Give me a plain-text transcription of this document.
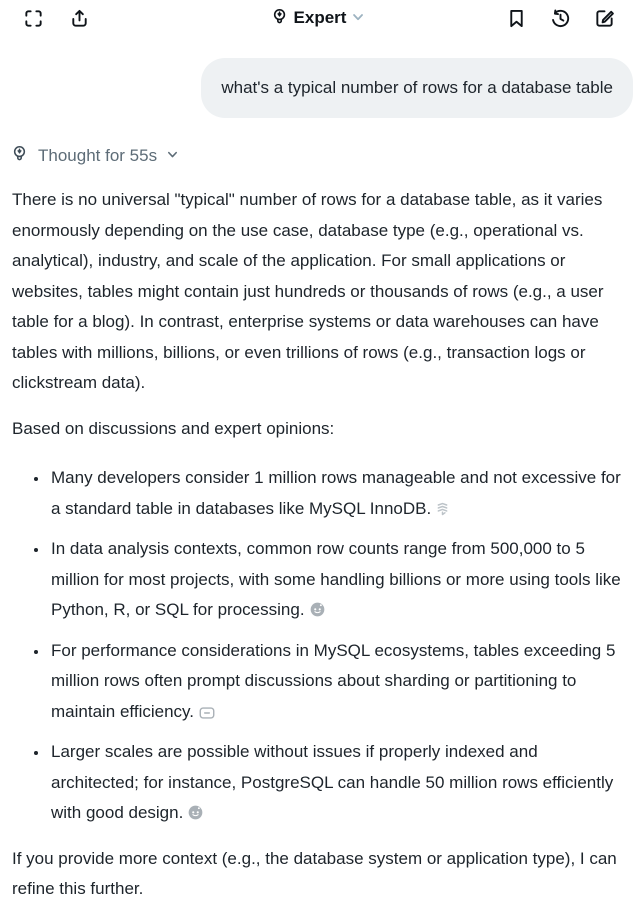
Expert
what's a typical number of rows for a database table
Thought for 55s

There is no universal "typical" number of rows for a database table, as it varies enormously depending on the use case, database type (e.g., operational vs. analytical), industry, and scale of the application. For small applications or websites, tables might contain just hundreds or thousands of rows (e.g., a user table for a blog). In contrast, enterprise systems or data warehouses can have tables with millions, billions, or even trillions of rows (e.g., transaction logs or clickstream data).

Based on discussions and expert opinions:

• Many developers consider 1 million rows manageable and not excessive for a standard table in databases like MySQL InnoDB.
• In data analysis contexts, common row counts range from 500,000 to 5 million for most projects, with some handling billions or more using tools like Python, R, or SQL for processing.
• For performance considerations in MySQL ecosystems, tables exceeding 5 million rows often prompt discussions about sharding or partitioning to maintain efficiency.
• Larger scales are possible without issues if properly indexed and architected; for instance, PostgreSQL can handle 50 million rows efficiently with good design.

If you provide more context (e.g., the database system or application type), I can refine this further.
